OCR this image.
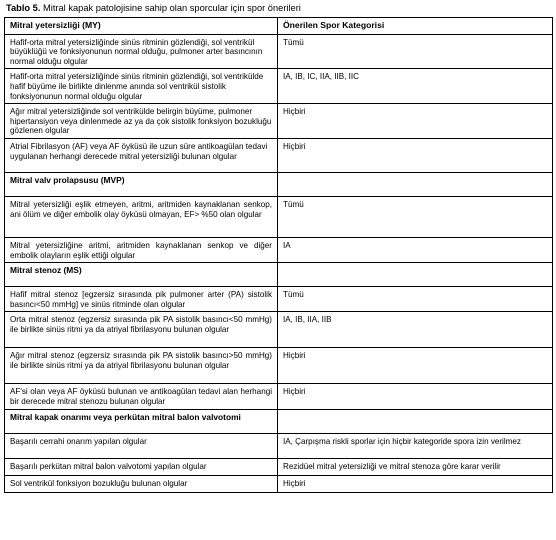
Tablo 5. Mitral kapak patolojisine sahip olan sporcular için spor önerileri
Mitral yetersizliği (MY)	Önerilen Spor Kategorisi
Hafif-orta mitral yetersizliğinde sinüs ritminin gözlendiği, sol ventrikül büyüklüğü ve fonksiyonunun normal olduğu, pulmoner arter basıncının normal olduğu olgular	Tümü
Hafif-orta mitral yetersizliğinde sinüs ritminin gözlendiği, sol ventrikülde hafif büyüme ile birlikte dinlenme anında sol ventrikül sistolik fonksiyonunun normal olduğu olgular	IA, IB, IC, IIA, IIB, IIC
Ağır mitral yetersizliğinde sol ventrikülde belirgin büyüme, pulmoner hipertansiyon veya dinlenmede az ya da çok sistolik fonksiyon bozukluğu gözlenen olgular	Hiçbiri
Atrial Fibrilasyon (AF) veya AF öyküsü ile uzun süre antikoagülan tedavi uygulanan herhangi derecede mitral yetersizliği bulunan olgular	Hiçbiri
Mitral valv prolapsusu (MVP)	
Mitral yetersizliği eşlik etmeyen, aritmi, aritmiden kaynaklanan senkop, ani ölüm ve diğer embolik olay öyküsü olmayan, EF> %50 olan olgular	Tümü
Mitral yetersizliğine aritmi, aritmiden kaynaklanan senkop ve diğer embolik olayların eşlik ettiği olgular	IA
Mitral stenoz (MS)	
Hafif mitral stenoz [egzersiz sırasında pik pulmoner arter (PA) sistolik basıncı<50 mmHg] ve sinüs ritminde olan olgular	Tümü
Orta mitral stenoz (egzersiz sırasında pik PA sistolik basıncı<50 mmHg) ile birlikte sinüs ritmi ya da atriyal fibrilasyonu bulunan olgular	IA, IB, IIA, IIB
Ağır mitral stenoz (egzersiz sırasında pik PA sistolik basıncı>50 mmHg) ile birlikte sinüs ritmi ya da atriyal fibrilasyonu bulunan olgular	Hiçbiri
AF'si olan veya AF öyküsü bulunan ve antikoagülan tedavi alan herhangi bir derecede mitral stenozu bulunan olgular	Hiçbiri
Mitral kapak onarımı veya perkütan mitral balon valvotomi	
Başarılı cerrahi onarım yapılan olgular	IA, Çarpışma riskli sporlar için hiçbir kategoride spora izin verilmez
Başarılı perkütan mitral balon valvotomi yapılan olgular	Rezidüel mitral yetersizliği ve mitral stenoza göre karar verilir
Sol ventrikül fonksiyon bozukluğu bulunan olgular	Hiçbiri
